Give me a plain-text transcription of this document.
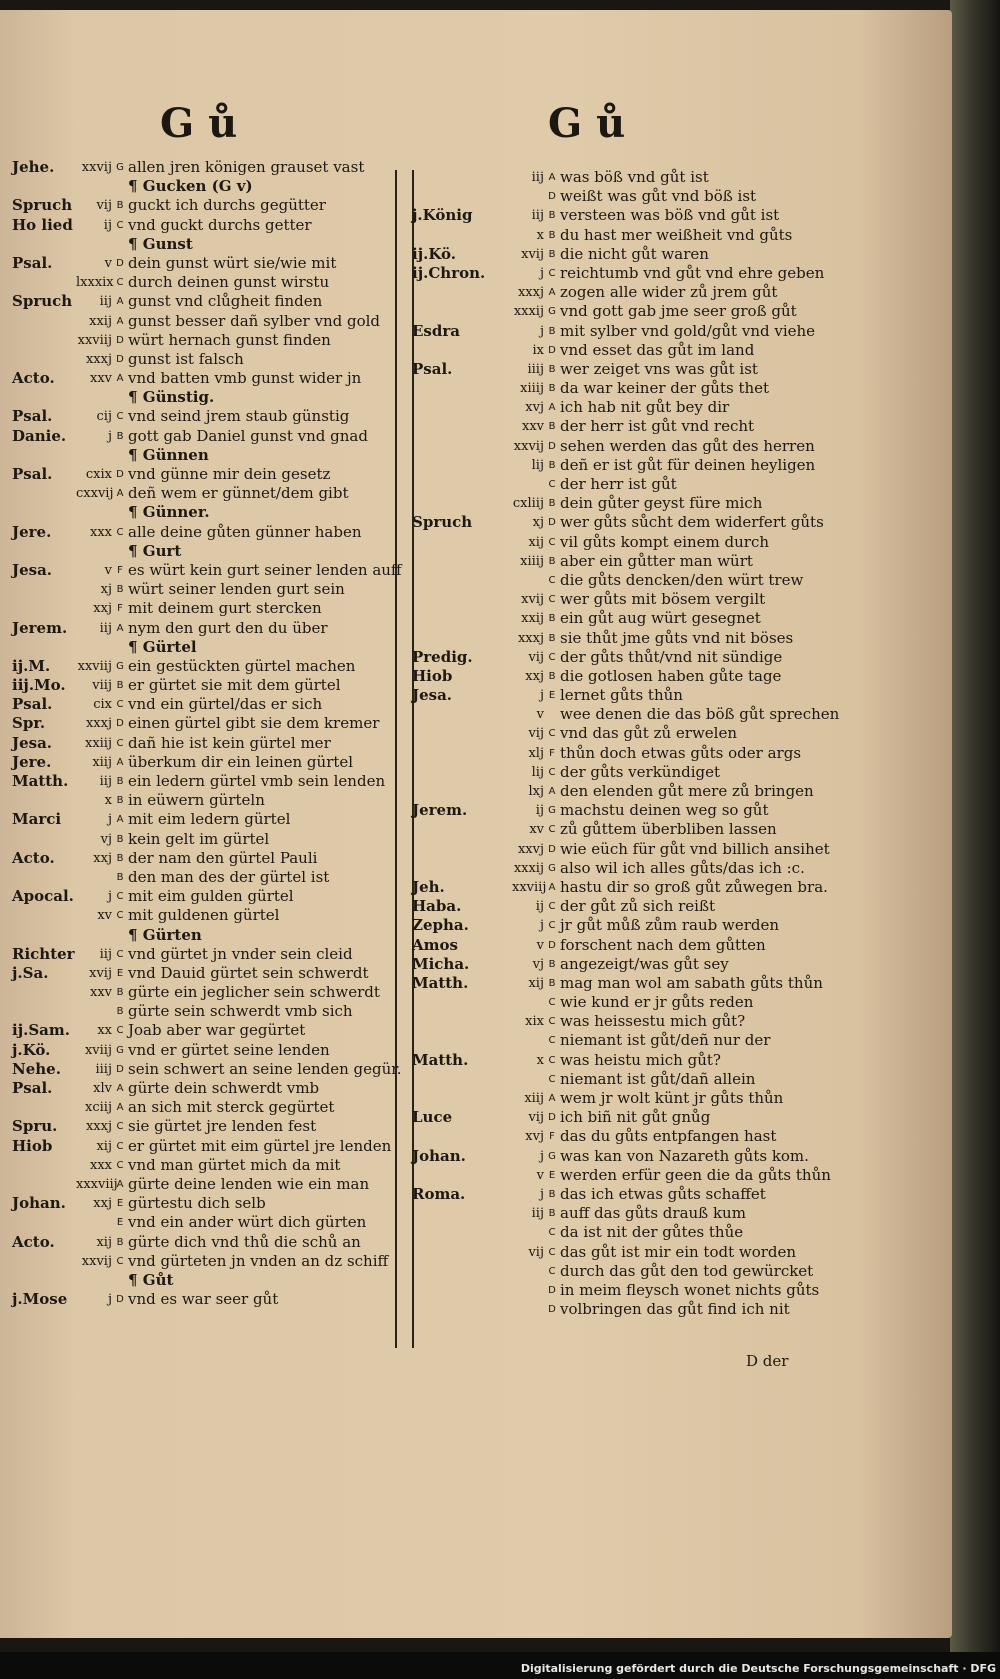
G ů	G ů
Jehe. xxvij G allen jren königen grauset vast
¶ Gucken (G v)
Spruch vij B guckt ich durchs gegütter
Ho lied ij C vnd guckt durchs getter
¶ Gunst
Psal.	v D dein gunst würt sie/wie mit
lxxxix C durch deinen gunst wirstu
Spruch iij A gunst vnd clůgheit finden
xxij A gunst besser dañ sylber vnd gold
xxviij D würt hernach gunst finden
xxxj D gunst ist falsch
Acto.	xxv A vnd batten vmb gunst wider jn
¶ Günstig.
Psal.	cij C vnd seind jrem staub günstig
Danie.	j B gott gab Daniel gunst vnd gnad
¶ Günnen
Psal.	cxix D vnd günne mir dein gesetz
cxxvij A deñ wem er günnet/dem gibt
¶ Günner.
Jere.	xxx C alle deine gůten günner haben
¶ Gurt
Jesa.	v F es würt kein gurt seiner lenden auff
xj B würt seiner lenden gurt sein
xxj F mit deinem gurt stercken
Jerem. iij A nym den gurt den du über
¶ Gürtel
ij.M. xxviij G ein gestückten gürtel machen
iij.Mo. viij B er gürtet sie mit dem gürtel
Psal.	cix C vnd ein gürtel/das er sich
Spr.	xxxj D einen gürtel gibt sie dem kremer
Jesa.	xxiij C dañ hie ist kein gürtel mer
Jere.	xiij A überkum dir ein leinen gürtel
Matth. iij B ein ledern gürtel vmb sein lenden
x B in eüwern gürteln
Marci	j A mit eim ledern gürtel
vj B kein gelt im gürtel
Acto.	xxj B der nam den gürtel Pauli
B den man des der gürtel ist
Apocal.	j C mit eim gulden gürtel
xv C mit guldenen gürtel
¶ Gürten
Richter iij C vnd gürtet jn vnder sein cleid
j.Sa.	xvij E vnd Dauid gürtet sein schwerdt
xxv B gürte ein jeglicher sein schwerdt
B gürte sein schwerdt vmb sich
ij.Sam. xx C Joab aber war gegürtet
j.Kö.	xviij G vnd er gürtet seine lenden
Nehe.	iiij D sein schwert an seine lenden gegür.
Psal.	xlv A gürte dein schwerdt vmb
xciij A an sich mit sterck gegürtet
Spru. xxxj C sie gürtet jre lenden fest
Hiob	xij C er gürtet mit eim gürtel jre lenden
xxx C vnd man gürtet mich da mit
xxxviijA gürte deine lenden wie ein man
Johan. xxj E gürtestu dich selb
E vnd ein ander würt dich gürten
Acto.	xij B gürte dich vnd thů die schů an
xxvij C vnd gürteten jn vnden an dz schiff
¶ Gůt
j.Mose	j D vnd es war seer gůt
iij A was böß vnd gůt ist
D weißt was gůt vnd böß ist
j.König	iij B versteen was böß vnd gůt ist
x B du hast mer weißheit vnd gůts
ij.Kö.	xvij B die nicht gůt waren
ij.Chron.	j C reichtumb vnd gůt vnd ehre geben
xxxj A zogen alle wider zů jrem gůt
xxxij G vnd gott gab jme seer groß gůt
Esdra	j B mit sylber vnd gold/gůt vnd viehe
ix D vnd esset das gůt im land
Psal.	iiij B wer zeiget vns was gůt ist
xiiij B da war keiner der gůts thet
xvj A ich hab nit gůt bey dir
xxv B der herr ist gůt vnd recht
xxvij D sehen werden das gůt des herren
lij B deñ er ist gůt für deinen heyligen
C der herr ist gůt
cxliij B dein gůter geyst füre mich
Spruch	xj D wer gůts sůcht dem widerfert gůts
xij C vil gůts kompt einem durch
xiiij B aber ein gůtter man würt
C die gůts dencken/den würt trew
xvij C wer gůts mit bösem vergilt
xxij B ein gůt aug würt gesegnet
xxxj B sie thůt jme gůts vnd nit böses
Predig.	vij C der gůts thůt/vnd nit sündige
Hiob	xxj B die gotlosen haben gůte tage
Jesa.	j E lernet gůts thůn
v wee denen die das böß gůt sprechen
vij C vnd das gůt zů erwelen
xlj F thůn doch etwas gůts oder args
lij C der gůts verkündiget
lxj A den elenden gůt mere zů bringen
Jerem.	ij G machstu deinen weg so gůt
xv C zů gůttem überbliben lassen
xxvj D wie eüch für gůt vnd billich ansihet
xxxij G also wil ich alles gůts/das ich :c.
Jeh.	xxviij A hastu dir so groß gůt zůwegen bra.
Haba.	ij C der gůt zů sich reißt
Zepha.	j C jr gůt můß zům raub werden
Amos	v D forschent nach dem gůtten
Micha.	vj B angezeigt/was gůt sey
Matth.	xij B mag man wol am sabath gůts thůn
C wie kund er jr gůts reden
xix C was heissestu mich gůt?
C niemant ist gůt/deñ nur der
Matth.	x C was heistu mich gůt?
C niemant ist gůt/dañ allein
xiij A wem jr wolt künt jr gůts thůn
Luce	vij D ich biñ nit gůt gnůg
xvj F das du gůts entpfangen hast
Johan.	j G was kan von Nazareth gůts kom.
v E werden erfür geen die da gůts thůn
Roma.	j B das ich etwas gůts schaffet
iij B auff das gůts drauß kum
C da ist nit der gůtes thůe
vij C das gůt ist mir ein todt worden
C durch das gůt den tod gewürcket
D in meim fleysch wonet nichts gůts
D volbringen das gůt find ich nit
D der
Digitalisierung gefördert durch die Deutsche Forschungsgemeinschaft · DFG
